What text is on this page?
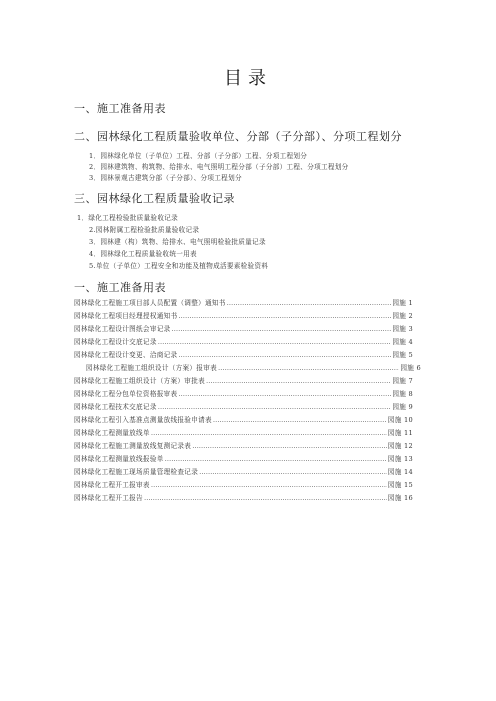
目录
一、施工准备用表
二、园林绿化工程质量验收单位、分部（子分部）、分项工程划分
1．园林绿化单位（子单位）工程、分部（子分部）工程、分项工程划分
2．园林建筑物、构筑物、给排水、电气照明工程分部（子分部）工程、分项工程划分
3．园林景观古建筑分部（子分部）、分项工程划分
三、园林绿化工程质量验收记录
1．绿化工程检验批质量验收记录
2.园林附属工程检验批质量验收记录
3．园林建（构）筑物、给排水、电气照明检验批质量记录
4．园林绿化工程质量验收统一用表
5.单位（子单位）工程安全和功能及植物成活要素检验资料
一、施工准备用表
园林绿化工程施工项目部人员配置（调整）通知书 …………………………………………………………………………………………………………………………………………………………………………	园施 1
园林绿化工程项目经理授权通知书 …………………………………………………………………………………………………………………………………………………………………………	园施 2
园林绿化工程设计图纸会审记录 …………………………………………………………………………………………………………………………………………………………………………	园施 3
园林绿化工程设计交底记录 …………………………………………………………………………………………………………………………………………………………………………	园施 4
园林绿化工程设计变更、洽商记录 …………………………………………………………………………………………………………………………………………………………………………	园施 5
园林绿化工程施工组织设计（方案）报审表 …………………………………………………………………………………………………………………………………………………………………………	园施 6
园林绿化工程施工组织设计（方案）审批表 …………………………………………………………………………………………………………………………………………………………………………	园施 7
园林绿化工程分包单位资格报审表 …………………………………………………………………………………………………………………………………………………………………………	园施 8
园林绿化工程技术交底记录 …………………………………………………………………………………………………………………………………………………………………………	园施 9
园林绿化工程引入基准点测量放线报验申请表 …………………………………………………………………………………………………………………………………………………………………………	园施 10
园林绿化工程测量放线单 …………………………………………………………………………………………………………………………………………………………………………	园施 11
园林绿化工程施工测量放线复测记录表 …………………………………………………………………………………………………………………………………………………………………………	园施 12
园林绿化工程测量放线报验单 …………………………………………………………………………………………………………………………………………………………………………	园施 13
园林绿化工程施工现场质量管理检查记录 …………………………………………………………………………………………………………………………………………………………………………	园施 14
园林绿化工程开工报审表 …………………………………………………………………………………………………………………………………………………………………………	园施 15
园林绿化工程开工报告 …………………………………………………………………………………………………………………………………………………………………………	园施 16
